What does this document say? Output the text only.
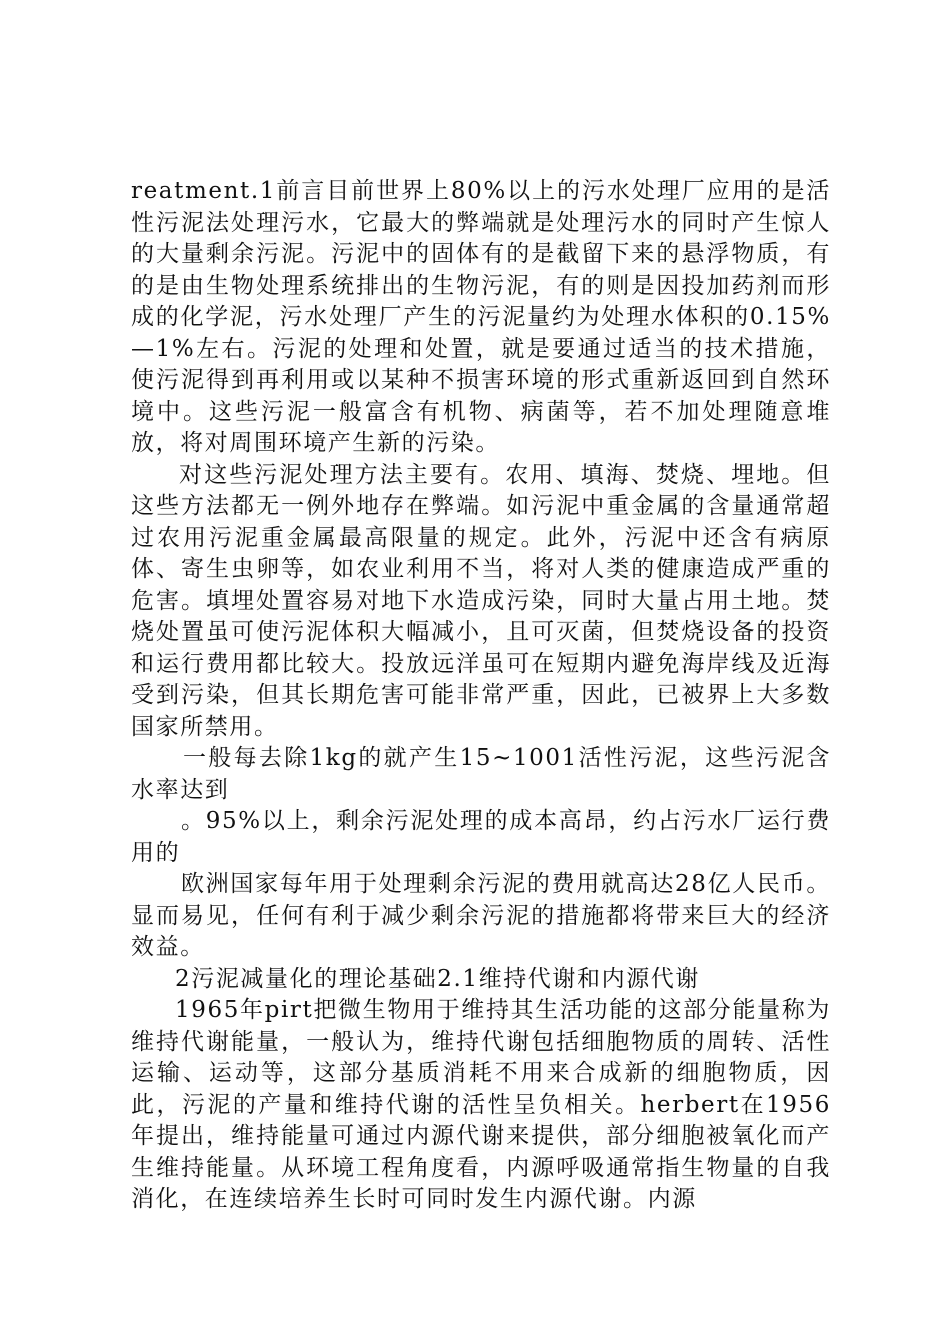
reatment.1前言目前世界上80%以上的污水处理厂应用的是活性污泥法处理污水，它最大的弊端就是处理污水的同时产生惊人的大量剩余污泥。污泥中的固体有的是截留下来的悬浮物质，有的是由生物处理系统排出的生物污泥，有的则是因投加药剂而形成的化学泥，污水处理厂产生的污泥量约为处理水体积的0.15%—1%左右。污泥的处理和处置，就是要通过适当的技术措施，使污泥得到再利用或以某种不损害环境的形式重新返回到自然环境中。这些污泥一般富含有机物、病菌等，若不加处理随意堆放，将对周围环境产生新的污染。

对这些污泥处理方法主要有。农用、填海、焚烧、埋地。但这些方法都无一例外地存在弊端。如污泥中重金属的含量通常超过农用污泥重金属最高限量的规定。此外，污泥中还含有病原体、寄生虫卵等，如农业利用不当，将对人类的健康造成严重的危害。填埋处置容易对地下水造成污染，同时大量占用土地。焚烧处置虽可使污泥体积大幅减小，且可灭菌，但焚烧设备的投资和运行费用都比较大。投放远洋虽可在短期内避免海岸线及近海受到污染，但其长期危害可能非常严重，因此，已被界上大多数国家所禁用。

一般每去除1kg的就产生15~1001活性污泥，这些污泥含水率达到

。95%以上，剩余污泥处理的成本高昂，约占污水厂运行费用的

欧洲国家每年用于处理剩余污泥的费用就高达28亿人民币。显而易见，任何有利于减少剩余污泥的措施都将带来巨大的经济效益。

2污泥减量化的理论基础2.1维持代谢和内源代谢

1965年pirt把微生物用于维持其生活功能的这部分能量称为维持代谢能量，一般认为，维持代谢包括细胞物质的周转、活性运输、运动等，这部分基质消耗不用来合成新的细胞物质，因此，污泥的产量和维持代谢的活性呈负相关。herbert在1956年提出，维持能量可通过内源代谢来提供，部分细胞被氧化而产生维持能量。从环境工程角度看，内源呼吸通常指生物量的自我消化，在连续培养生长时可同时发生内源代谢。内源
